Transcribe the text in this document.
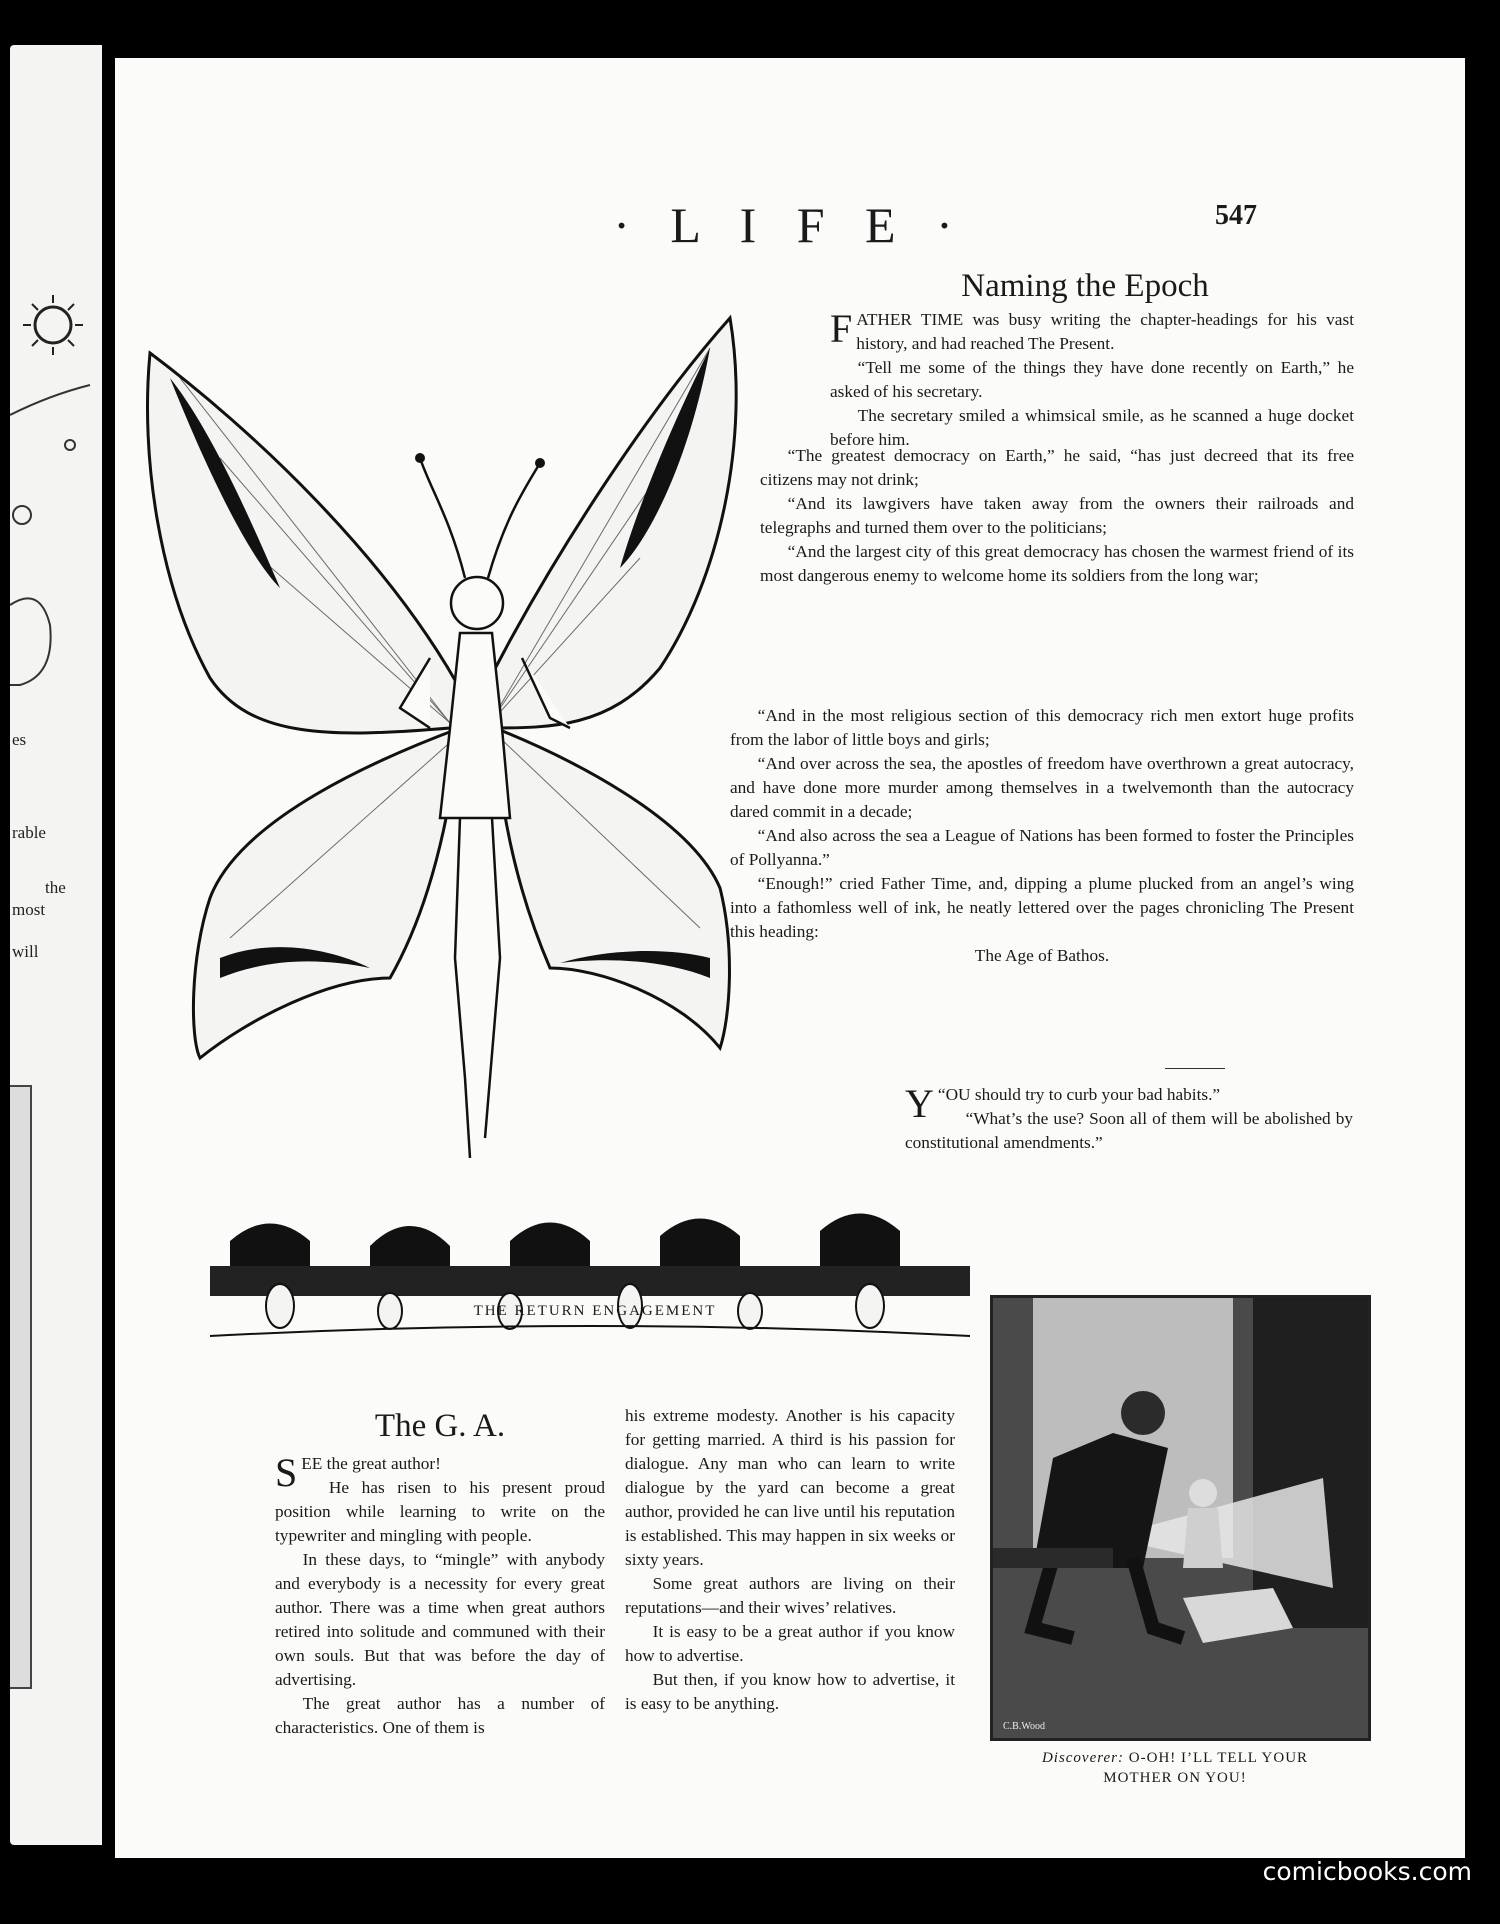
es
rable
the
most
will
· L I F E ·	547
THE RETURN ENGAGEMENT
Naming the Epoch

FATHER TIME was busy writing the chapter-headings for his vast history, and had reached The Present.

“Tell me some of the things they have done recently on Earth,” he asked of his secretary.

The secretary smiled a whimsical smile, as he scanned a huge docket before him.

“The greatest democracy on Earth,” he said, “has just decreed that its free citizens may not drink;

“And its lawgivers have taken away from the owners their railroads and telegraphs and turned them over to the politicians;

“And the largest city of this great democracy has chosen the warmest friend of its most dangerous enemy to welcome home its soldiers from the long war;

“And in the most religious section of this democracy rich men extort huge profits from the labor of little boys and girls;

“And over across the sea, the apostles of freedom have overthrown a great autocracy, and have done more murder among themselves in a twelvemonth than the autocracy dared commit in a decade;

“And also across the sea a League of Nations has been formed to foster the Principles of Pollyanna.”

“Enough!” cried Father Time, and, dipping a plume plucked from an angel’s wing into a fathomless well of ink, he neatly lettered over the pages chronicling The Present this heading:

The Age of Bathos.

“
Y OU should try to curb your bad habits.”

“What’s the use? Soon all of them will be abolished by constitutional amendments.”

The G. A.

SEE the great author!

He has risen to his present proud position while learning to write on the typewriter and mingling with people.

In these days, to “mingle” with anybody and everybody is a necessity for every great author. There was a time when great authors retired into solitude and communed with their own souls. But that was before the day of advertising.

The great author has a number of characteristics. One of them is

his extreme modesty. Another is his capacity for getting married. A third is his passion for dialogue. Any man who can learn to write dialogue by the yard can become a great author, provided he can live until his reputation is established. This may happen in six weeks or sixty years.

Some great authors are living on their reputations—and their wives’ relatives.

It is easy to be a great author if you know how to advertise.

But then, if you know how to advertise, it is easy to be anything.

C.B.Wood
Discoverer: O-OH! I’LL TELL YOUR
MOTHER ON YOU!
comicbooks.com
